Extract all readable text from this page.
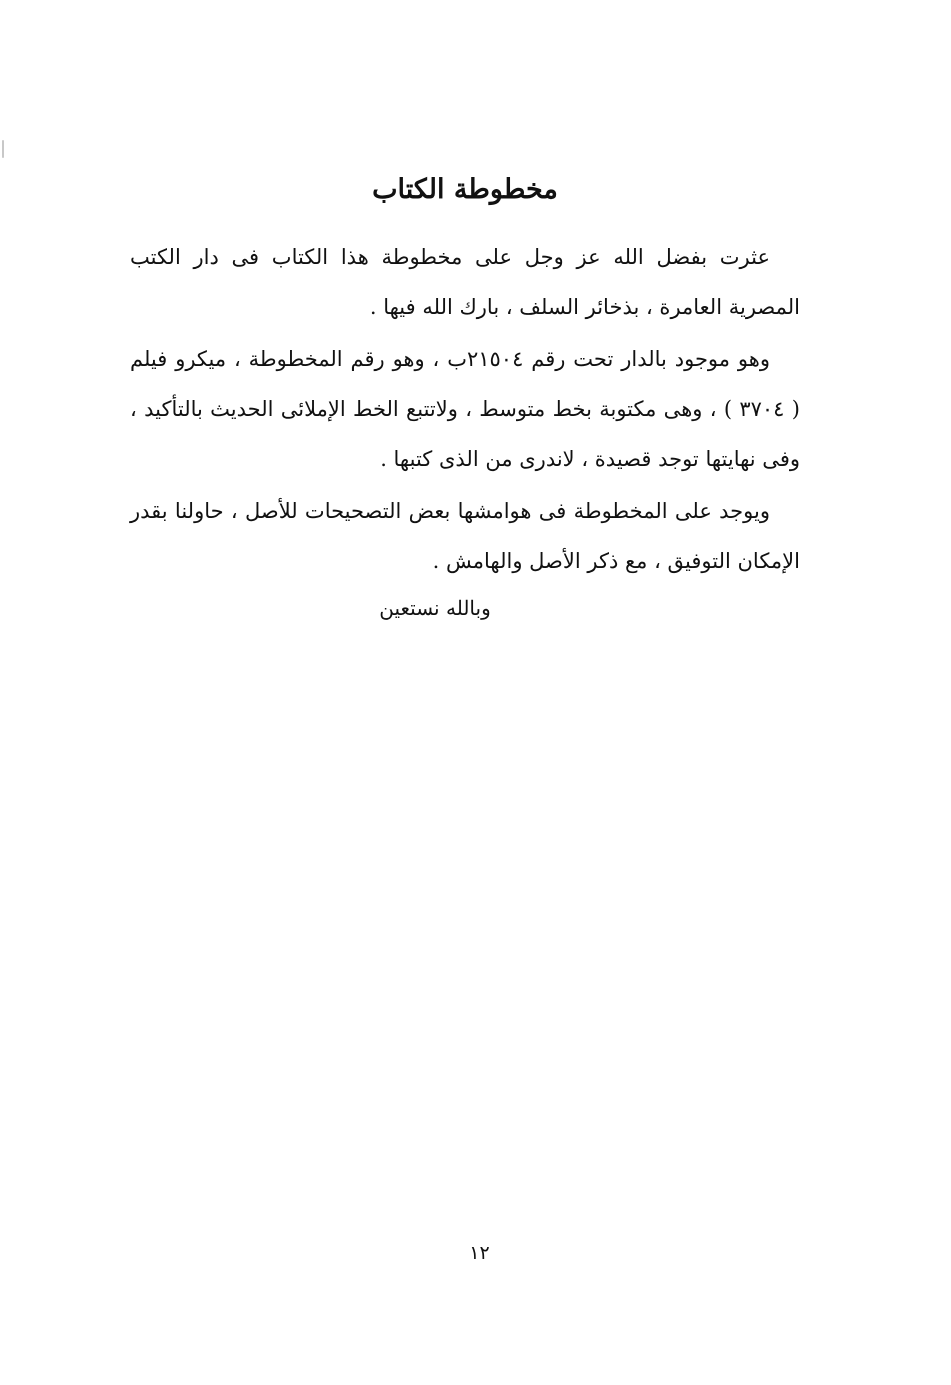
مخطوطة الكتاب

عثرت بفضل الله عز وجل على مخطوطة هذا الكتاب فى دار الكتب المصرية العامرة ، بذخائر السلف ، بارك الله فيها .

وهو موجود بالدار تحت رقم ٢١٥٠٤ب ، وهو رقم المخطوطة ، ميكرو فيلم ( ٣٧٠٤ ) ، وهى مكتوبة بخط متوسط ، ولاتتبع الخط الإملائى الحديث بالتأكيد ، وفى نهايتها توجد قصيدة ، لاندرى من الذى كتبها .

ويوجد على المخطوطة فى هوامشها بعض التصحيحات للأصل ، حاولنا بقدر الإمكان التوفيق ، مع ذكر الأصل والهامش .

وبالله نستعين
١٢
